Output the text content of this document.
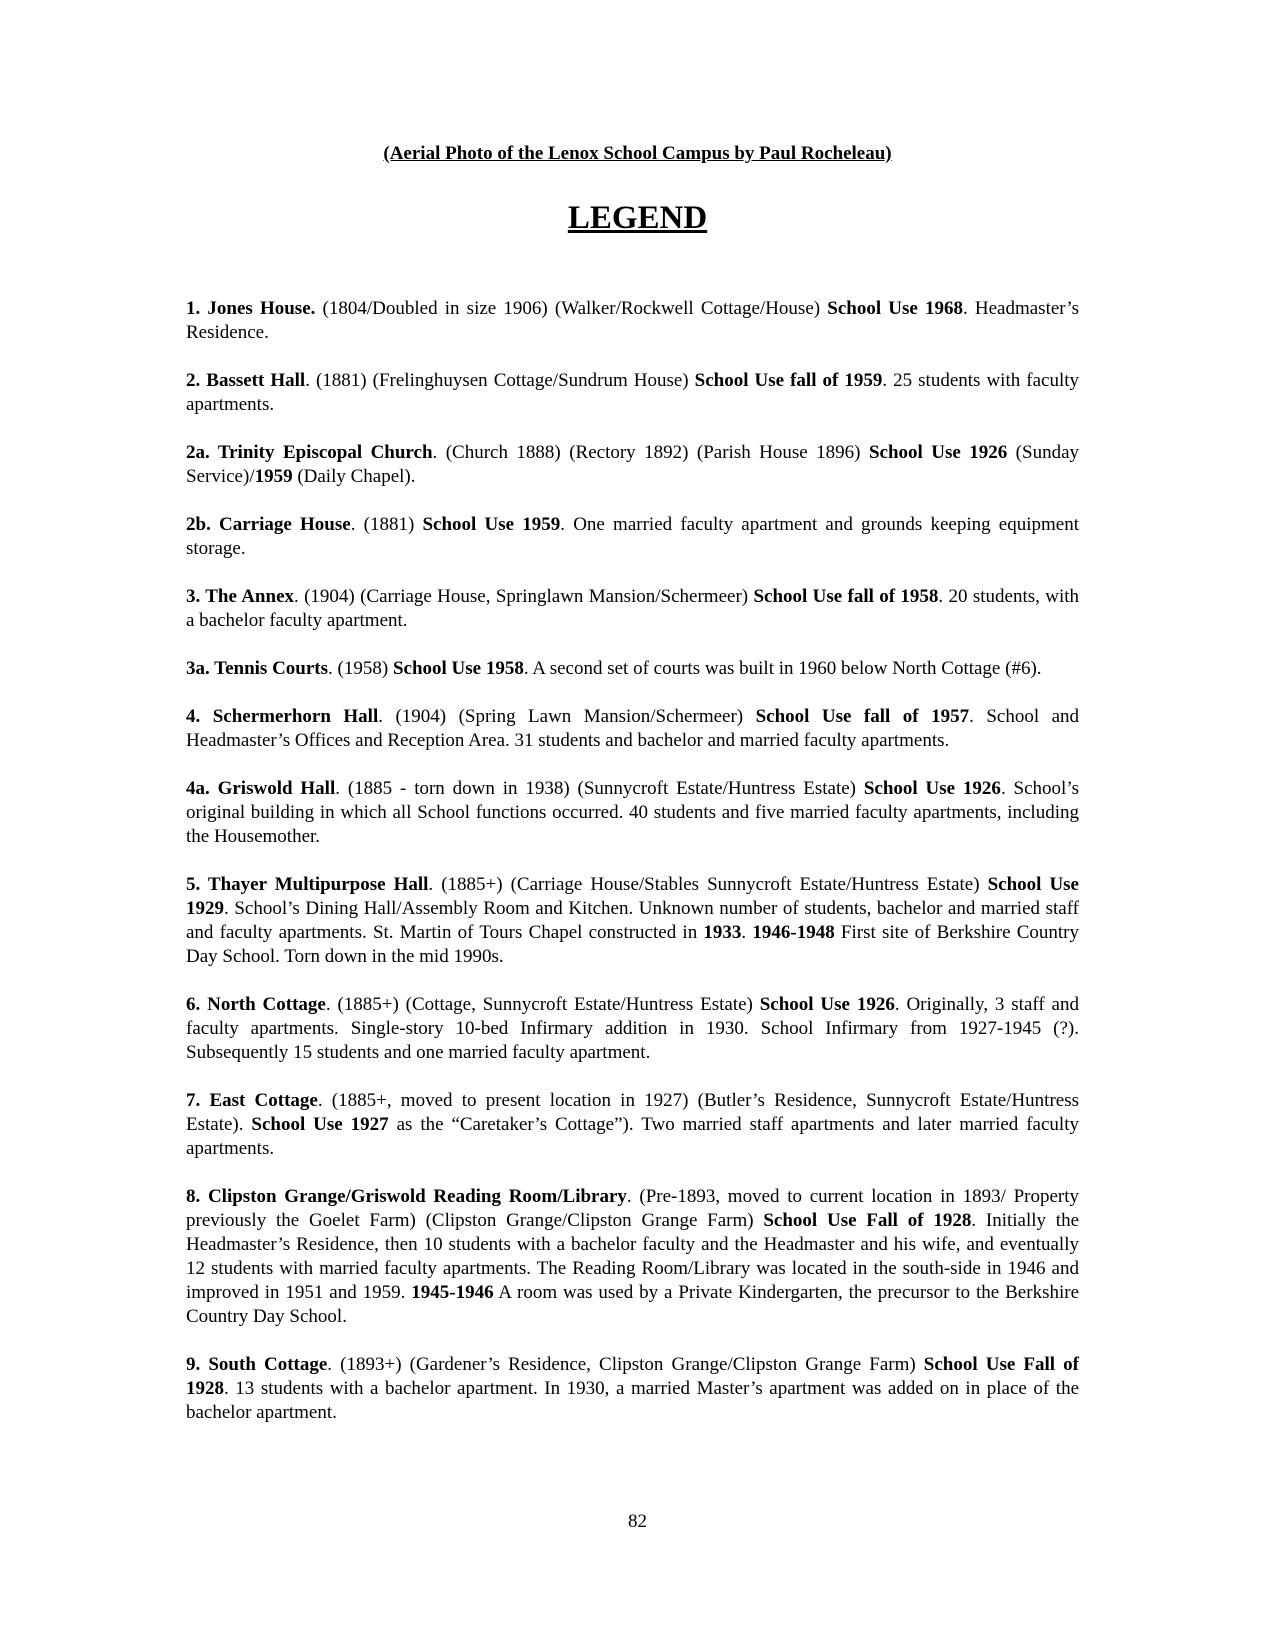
(Aerial Photo of the Lenox School Campus by Paul Rocheleau)
LEGEND

1. Jones House. (1804/Doubled in size 1906) (Walker/Rockwell Cottage/House) School Use 1968. Headmaster’s Residence.

2. Bassett Hall. (1881) (Frelinghuysen Cottage/Sundrum House) School Use fall of 1959. 25 students with faculty apartments.

2a. Trinity Episcopal Church. (Church 1888) (Rectory 1892) (Parish House 1896) School Use 1926 (Sunday Service)/1959 (Daily Chapel).

2b. Carriage House. (1881) School Use 1959. One married faculty apartment and grounds keeping equipment storage.

3. The Annex. (1904) (Carriage House, Springlawn Mansion/Schermeer) School Use fall of 1958. 20 students, with a bachelor faculty apartment.

3a. Tennis Courts. (1958) School Use 1958. A second set of courts was built in 1960 below North Cottage (#6).

4. Schermerhorn Hall. (1904) (Spring Lawn Mansion/Schermeer) School Use fall of 1957. School and Headmaster’s Offices and Reception Area. 31 students and bachelor and married faculty apartments.

4a. Griswold Hall. (1885 - torn down in 1938) (Sunnycroft Estate/Huntress Estate) School Use 1926. School’s original building in which all School functions occurred. 40 students and five married faculty apartments, including the Housemother.

5. Thayer Multipurpose Hall. (1885+) (Carriage House/Stables Sunnycroft Estate/Huntress Estate) School Use 1929. School’s Dining Hall/Assembly Room and Kitchen. Unknown number of students, bachelor and married staff and faculty apartments. St. Martin of Tours Chapel constructed in 1933. 1946-1948 First site of Berkshire Country Day School. Torn down in the mid 1990s.

6. North Cottage. (1885+) (Cottage, Sunnycroft Estate/Huntress Estate) School Use 1926. Originally, 3 staff and faculty apartments. Single-story 10-bed Infirmary addition in 1930. School Infirmary from 1927-1945 (?). Subsequently 15 students and one married faculty apartment.

7. East Cottage. (1885+, moved to present location in 1927) (Butler’s Residence, Sunnycroft Estate/Huntress Estate). School Use 1927 as the “Caretaker’s Cottage”). Two married staff apartments and later married faculty apartments.

8. Clipston Grange/Griswold Reading Room/Library. (Pre-1893, moved to current location in 1893/ Property previously the Goelet Farm) (Clipston Grange/Clipston Grange Farm) School Use Fall of 1928. Initially the Headmaster’s Residence, then 10 students with a bachelor faculty and the Headmaster and his wife, and eventually 12 students with married faculty apartments. The Reading Room/Library was located in the south-side in 1946 and improved in 1951 and 1959. 1945-1946 A room was used by a Private Kindergarten, the precursor to the Berkshire Country Day School.

9. South Cottage. (1893+) (Gardener’s Residence, Clipston Grange/Clipston Grange Farm) School Use Fall of 1928. 13 students with a bachelor apartment. In 1930, a married Master’s apartment was added on in place of the bachelor apartment.

82
